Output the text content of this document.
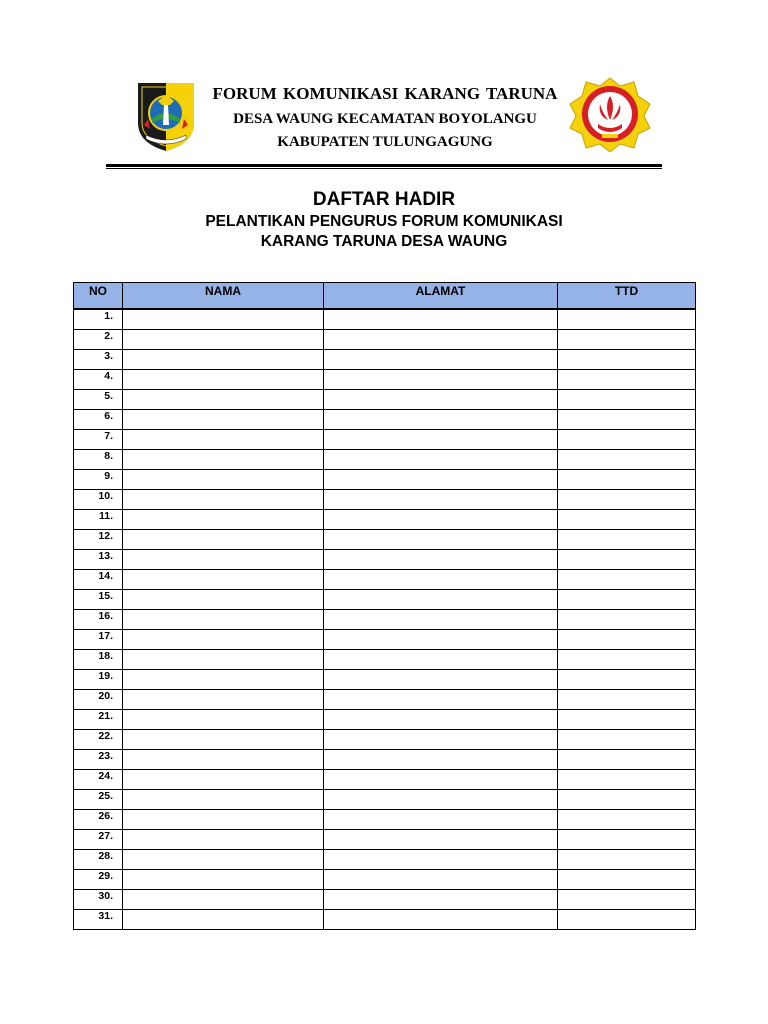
FORUM KOMUNIKASI KARANG TARUNA
DESA WAUNG KECAMATAN BOYOLANGU
KABUPATEN TULUNGAGUNG
DAFTAR HADIR
PELANTIKAN PENGURUS FORUM KOMUNIKASI
KARANG TARUNA DESA WAUNG
NO	NAMA	ALAMAT	TTD
1.			
2.			
3.			
4.			
5.			
6.			
7.			
8.			
9.			
10.			
11.			
12.			
13.			
14.			
15.			
16.			
17.			
18.			
19.			
20.			
21.			
22.			
23.			
24.			
25.			
26.			
27.			
28.			
29.			
30.			
31.			
